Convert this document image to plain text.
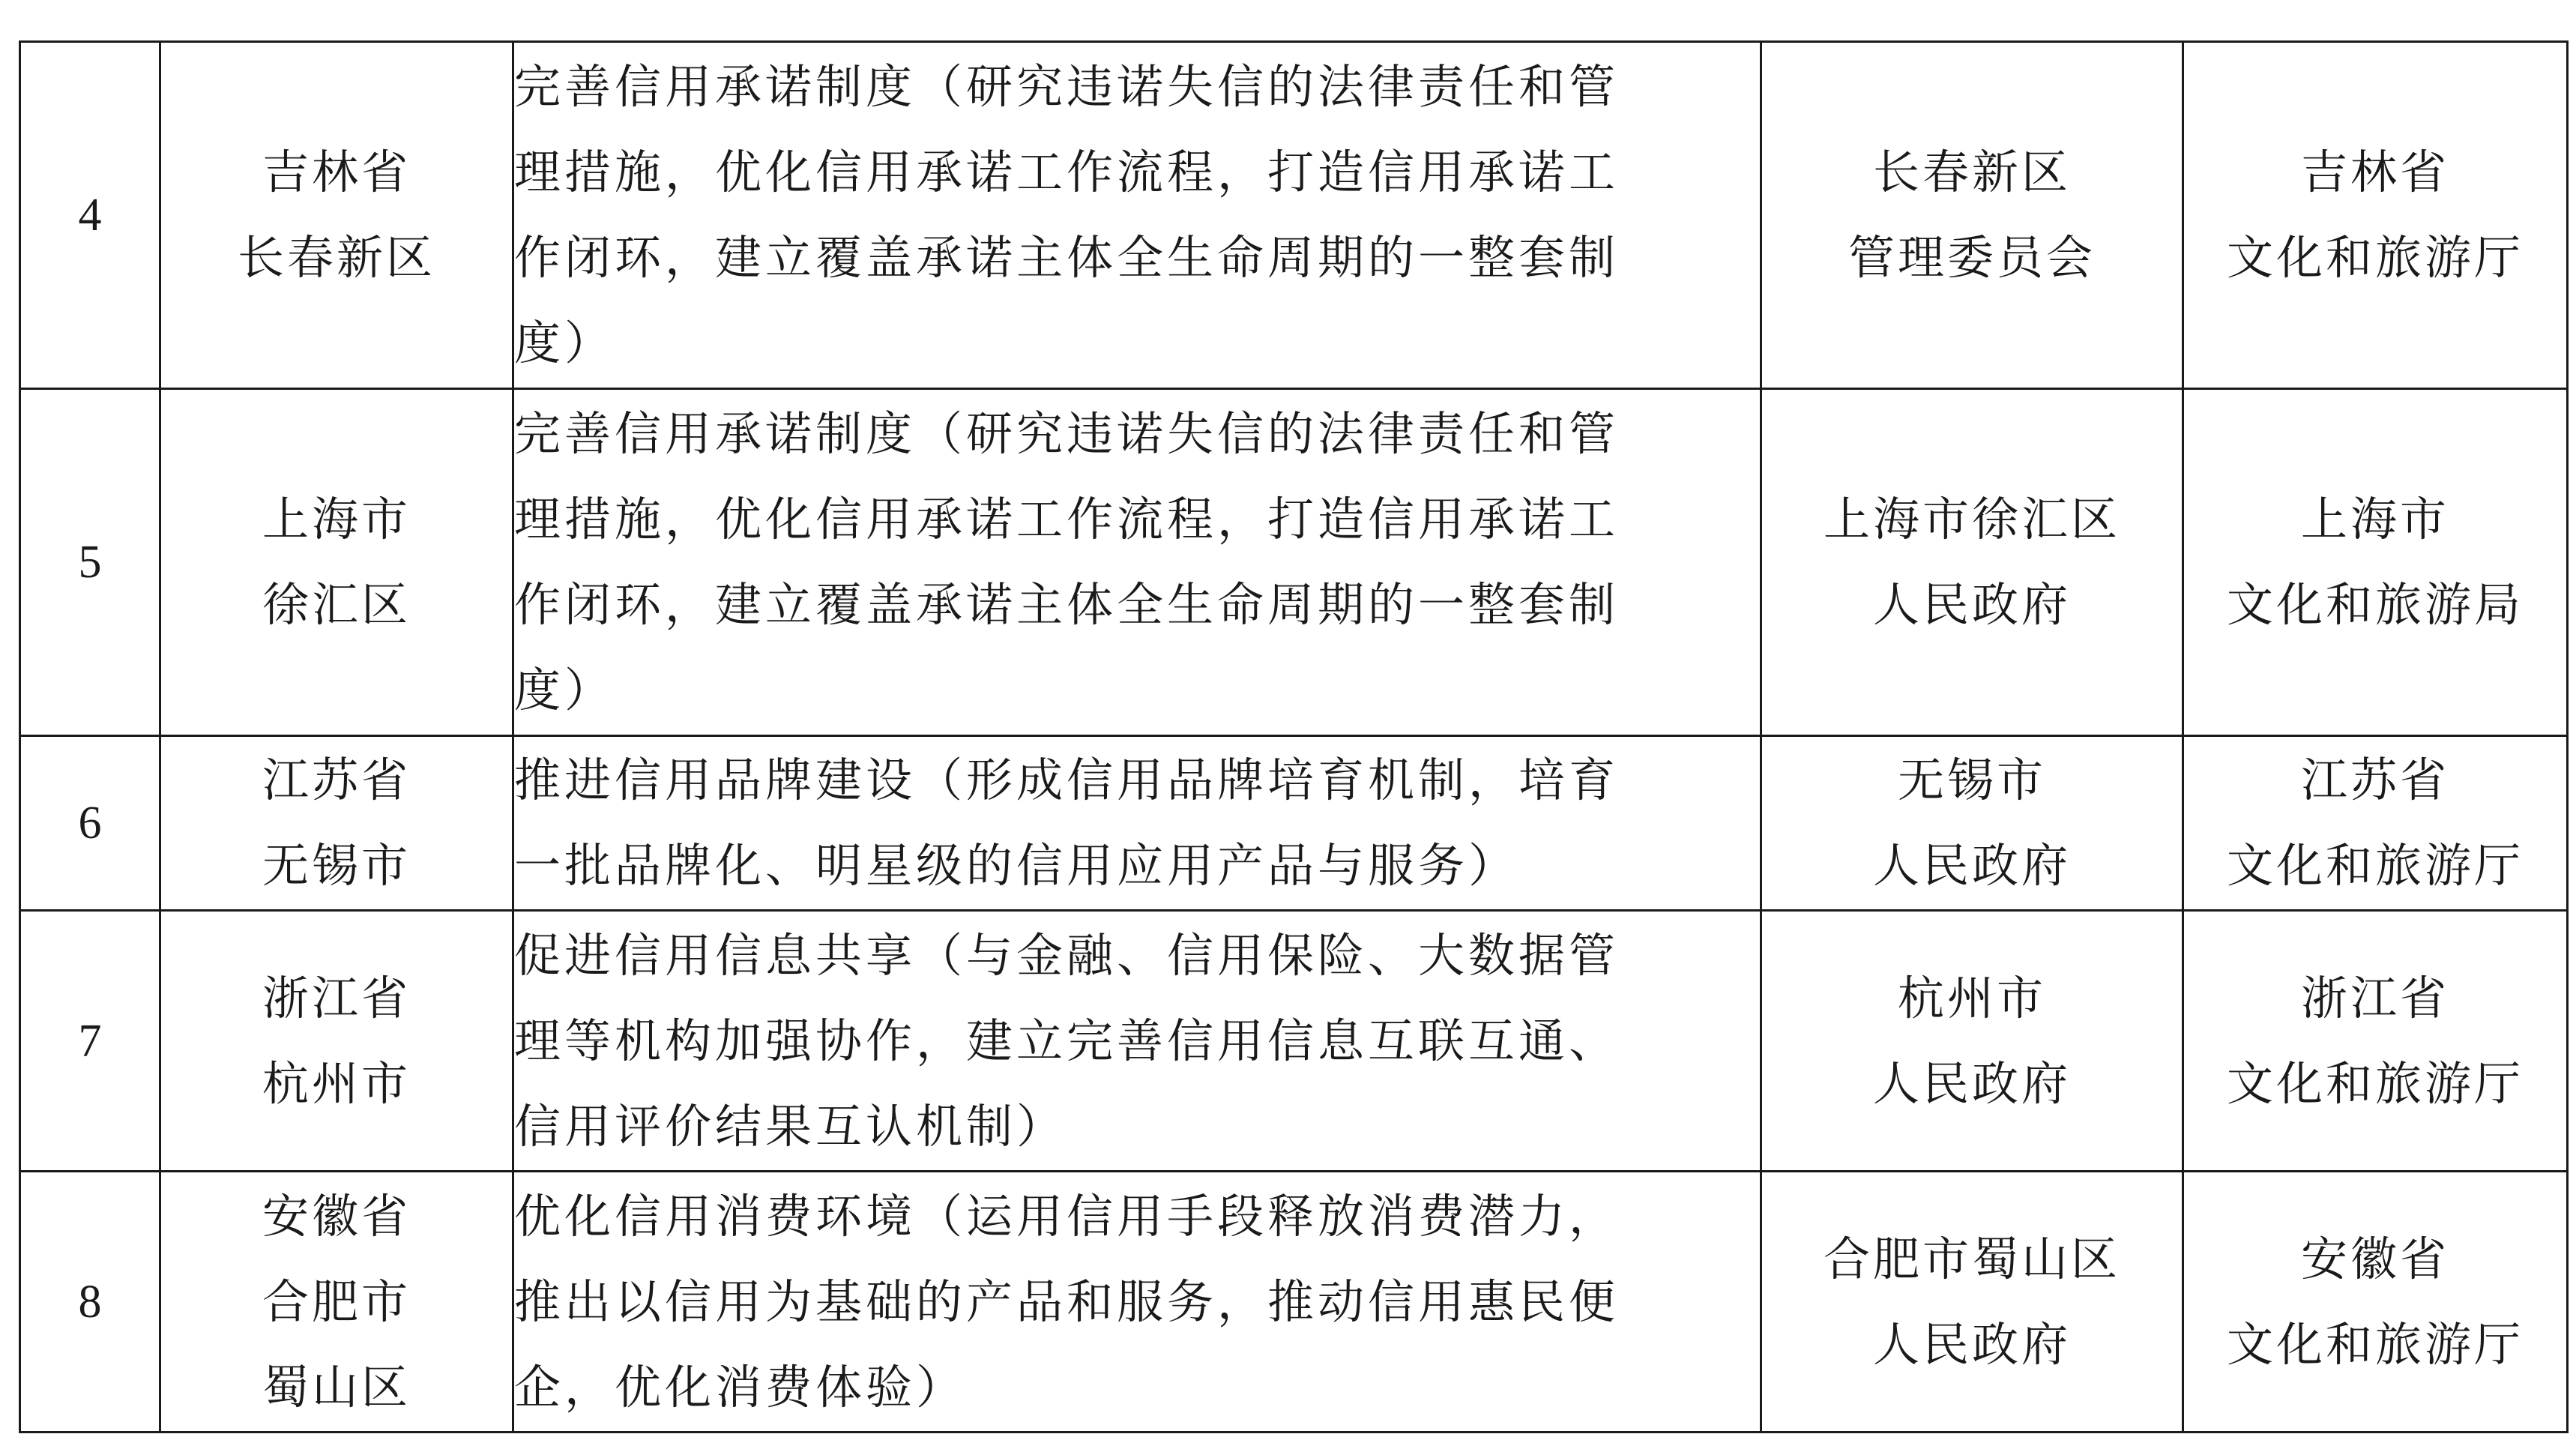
4	吉林省
长春新区	完善信用承诺制度（研究违诺失信的法律责任和管
理措施，优化信用承诺工作流程，打造信用承诺工
作闭环，建立覆盖承诺主体全生命周期的一整套制
度）	长春新区
管理委员会	吉林省
文化和旅游厅

5	上海市
徐汇区	完善信用承诺制度（研究违诺失信的法律责任和管
理措施，优化信用承诺工作流程，打造信用承诺工
作闭环，建立覆盖承诺主体全生命周期的一整套制
度）	上海市徐汇区
人民政府	上海市
文化和旅游局

6	江苏省
无锡市	推进信用品牌建设（形成信用品牌培育机制，培育
一批品牌化、明星级的信用应用产品与服务）	无锡市
人民政府	江苏省
文化和旅游厅

7	浙江省
杭州市	促进信用信息共享（与金融、信用保险、大数据管
理等机构加强协作，建立完善信用信息互联互通、
信用评价结果互认机制）	杭州市
人民政府	浙江省
文化和旅游厅

8	安徽省
合肥市
蜀山区	优化信用消费环境（运用信用手段释放消费潜力，
推出以信用为基础的产品和服务，推动信用惠民便
企，优化消费体验）	合肥市蜀山区
人民政府	安徽省
文化和旅游厅
